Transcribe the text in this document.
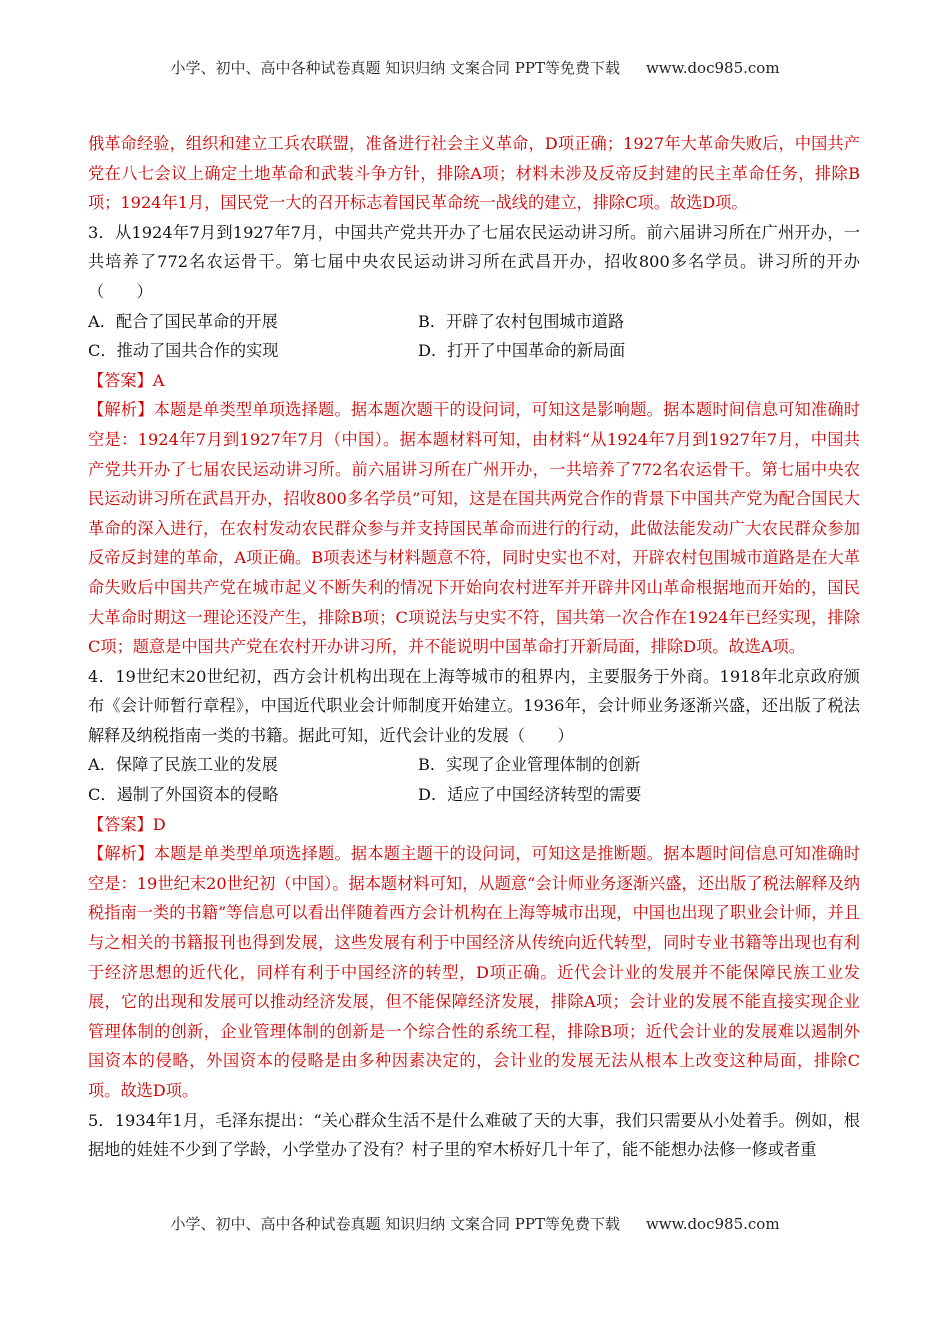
小学、初中、高中各种试卷真题 知识归纳 文案合同 PPT等免费下载 www.doc985.com

俄革命经验，组织和建立工兵农联盟，准备进行社会主义革命，D项正确；1927年大革命失败后，中国共产党在八七会议上确定土地革命和武装斗争方针，排除A项；材料未涉及反帝反封建的民主革命任务，排除B项；1924年1月，国民党一大的召开标志着国民革命统一战线的建立，排除C项。故选D项。

3．从1924年7月到1927年7月，中国共产党共开办了七届农民运动讲习所。前六届讲习所在广州开办，一共培养了772名农运骨干。第七届中央农民运动讲习所在武昌开办，招收800多名学员。讲习所的开办（　　）

A．配合了国民革命的开展	B．开辟了农村包围城市道路

C．推动了国共合作的实现	D．打开了中国革命的新局面

【答案】A

【解析】本题是单类型单项选择题。据本题次题干的设问词，可知这是影响题。据本题时间信息可知准确时空是：1924年7月到1927年7月（中国）。据本题材料可知，由材料“从1924年7月到1927年7月，中国共产党共开办了七届农民运动讲习所。前六届讲习所在广州开办，一共培养了772名农运骨干。第七届中央农民运动讲习所在武昌开办，招收800多名学员”可知，这是在国共两党合作的背景下中国共产党为配合国民大革命的深入进行，在农村发动农民群众参与并支持国民革命而进行的行动，此做法能发动广大农民群众参加反帝反封建的革命，A项正确。B项表述与材料题意不符，同时史实也不对，开辟农村包围城市道路是在大革命失败后中国共产党在城市起义不断失利的情况下开始向农村进军并开辟井冈山革命根据地而开始的，国民大革命时期这一理论还没产生，排除B项；C项说法与史实不符，国共第一次合作在1924年已经实现，排除C项；题意是中国共产党在农村开办讲习所，并不能说明中国革命打开新局面，排除D项。故选A项。

4．19世纪末20世纪初，西方会计机构出现在上海等城市的租界内，主要服务于外商。1918年北京政府颁布《会计师暂行章程》，中国近代职业会计师制度开始建立。1936年，会计师业务逐渐兴盛，还出版了税法解释及纳税指南一类的书籍。据此可知，近代会计业的发展（　　）

A．保障了民族工业的发展	B．实现了企业管理体制的创新

C．遏制了外国资本的侵略	D．适应了中国经济转型的需要

【答案】D

【解析】本题是单类型单项选择题。据本题主题干的设问词，可知这是推断题。据本题时间信息可知准确时空是：19世纪末20世纪初（中国）。据本题材料可知，从题意“会计师业务逐渐兴盛，还出版了税法解释及纳税指南一类的书籍”等信息可以看出伴随着西方会计机构在上海等城市出现，中国也出现了职业会计师，并且与之相关的书籍报刊也得到发展，这些发展有利于中国经济从传统向近代转型，同时专业书籍等出现也有利于经济思想的近代化，同样有利于中国经济的转型，D项正确。近代会计业的发展并不能保障民族工业发展，它的出现和发展可以推动经济发展，但不能保障经济发展，排除A项；会计业的发展不能直接实现企业管理体制的创新，企业管理体制的创新是一个综合性的系统工程，排除B项；近代会计业的发展难以遏制外国资本的侵略，外国资本的侵略是由多种因素决定的，会计业的发展无法从根本上改变这种局面，排除C项。故选D项。

5．1934年1月，毛泽东提出：“关心群众生活不是什么难破了天的大事，我们只需要从小处着手。例如，根据地的娃娃不少到了学龄，小学堂办了没有？村子里的窄木桥好几十年了，能不能想办法修一修或者重

小学、初中、高中各种试卷真题 知识归纳 文案合同 PPT等免费下载 www.doc985.com
